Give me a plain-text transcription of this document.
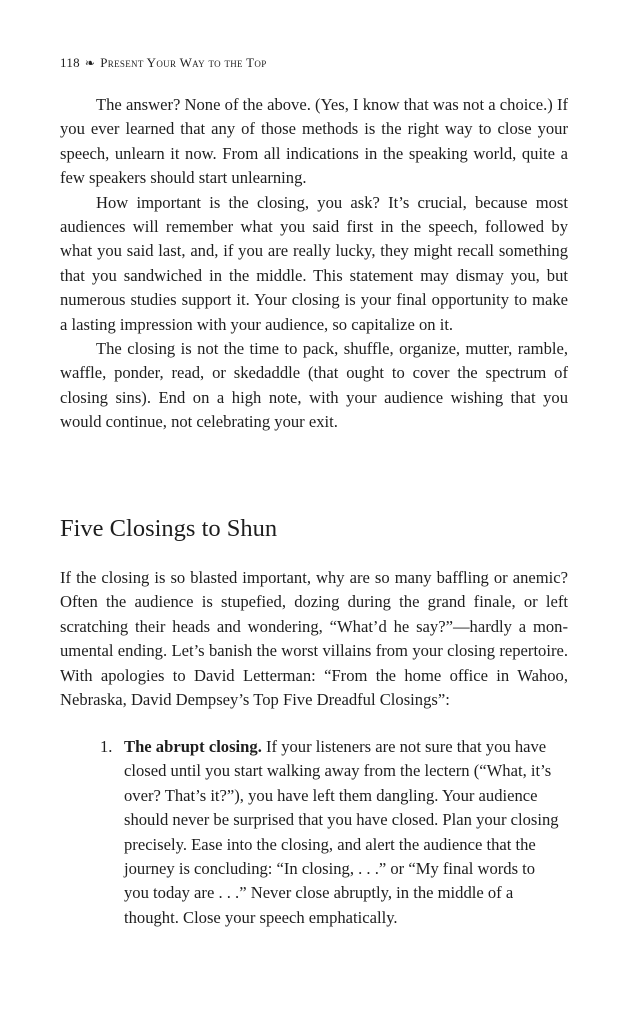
118 ❧ Present Your Way to the Top

The answer? None of the above. (Yes, I know that was not a choice.) If you ever learned that any of those methods is the right way to close your speech, unlearn it now. From all indications in the speaking world, quite a few speakers should start unlearning.

How important is the closing, you ask? It’s crucial, because most audiences will remember what you said first in the speech, followed by what you said last, and, if you are really lucky, they might recall something that you sandwiched in the middle. This statement may dismay you, but numerous studies support it. Your closing is your final opportunity to make a lasting impression with your audience, so capitalize on it.

The closing is not the time to pack, shuffle, organize, mutter, ramble, waffle, ponder, read, or skedaddle (that ought to cover the spectrum of closing sins). End on a high note, with your audience wishing that you would continue, not celebrating your exit.

Five Closings to Shun

If the closing is so blasted important, why are so many baffling or anemic? Often the audience is stupefied, dozing during the grand finale, or left scratching their heads and wondering, “What’d he say?”—hardly a monumental ending. Let’s banish the worst villains from your closing repertoire. With apologies to David Letterman: “From the home office in Wahoo, Nebraska, David Dempsey’s Top Five Dreadful Closings”:

1. The abrupt closing. If your listeners are not sure that you have closed until you start walking away from the lectern (“What, it’s over? That’s it?”), you have left them dangling. Your audience should never be surprised that you have closed. Plan your closing precisely. Ease into the closing, and alert the audience that the journey is concluding: “In closing, . . .” or “My final words to you today are . . .” Never close abruptly, in the middle of a thought. Close your speech emphatically.
